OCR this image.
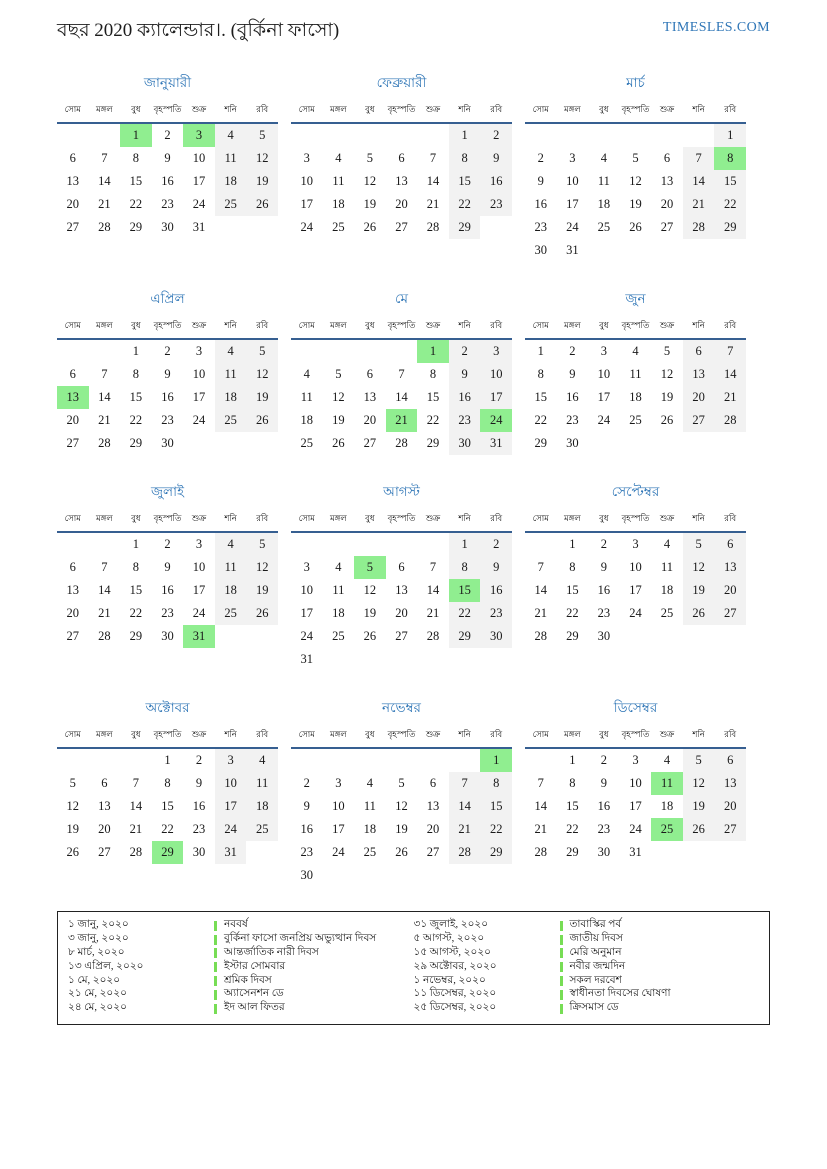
বছর 2020 ক্যালেন্ডার।. (বুর্কিনা ফাসো)	TIMESLES.COM
জানুয়ারী
সোম	মঙ্গল	বুধ	বৃহস্পতি	শুক্র	শনি	রবি
		1	2	3	4	5
6	7	8	9	10	11	12
13	14	15	16	17	18	19
20	21	22	23	24	25	26
27	28	29	30	31		
ফেব্রুয়ারী
সোম	মঙ্গল	বুধ	বৃহস্পতি	শুক্র	শনি	রবি
					1	2
3	4	5	6	7	8	9
10	11	12	13	14	15	16
17	18	19	20	21	22	23
24	25	26	27	28	29	
মার্চ
সোম	মঙ্গল	বুধ	বৃহস্পতি	শুক্র	শনি	রবি
						1
2	3	4	5	6	7	8
9	10	11	12	13	14	15
16	17	18	19	20	21	22
23	24	25	26	27	28	29
30	31					
এপ্রিল
সোম	মঙ্গল	বুধ	বৃহস্পতি	শুক্র	শনি	রবি
		1	2	3	4	5
6	7	8	9	10	11	12
13	14	15	16	17	18	19
20	21	22	23	24	25	26
27	28	29	30			
মে
সোম	মঙ্গল	বুধ	বৃহস্পতি	শুক্র	শনি	রবি
				1	2	3
4	5	6	7	8	9	10
11	12	13	14	15	16	17
18	19	20	21	22	23	24
25	26	27	28	29	30	31
জুন
সোম	মঙ্গল	বুধ	বৃহস্পতি	শুক্র	শনি	রবি
1	2	3	4	5	6	7
8	9	10	11	12	13	14
15	16	17	18	19	20	21
22	23	24	25	26	27	28
29	30					
জুলাই
সোম	মঙ্গল	বুধ	বৃহস্পতি	শুক্র	শনি	রবি
		1	2	3	4	5
6	7	8	9	10	11	12
13	14	15	16	17	18	19
20	21	22	23	24	25	26
27	28	29	30	31		
আগস্ট
সোম	মঙ্গল	বুধ	বৃহস্পতি	শুক্র	শনি	রবি
					1	2
3	4	5	6	7	8	9
10	11	12	13	14	15	16
17	18	19	20	21	22	23
24	25	26	27	28	29	30
31						
সেপ্টেম্বর
সোম	মঙ্গল	বুধ	বৃহস্পতি	শুক্র	শনি	রবি
	1	2	3	4	5	6
7	8	9	10	11	12	13
14	15	16	17	18	19	20
21	22	23	24	25	26	27
28	29	30				
অক্টোবর
সোম	মঙ্গল	বুধ	বৃহস্পতি	শুক্র	শনি	রবি
			1	2	3	4
5	6	7	8	9	10	11
12	13	14	15	16	17	18
19	20	21	22	23	24	25
26	27	28	29	30	31	
নভেম্বর
সোম	মঙ্গল	বুধ	বৃহস্পতি	শুক্র	শনি	রবি
						1
2	3	4	5	6	7	8
9	10	11	12	13	14	15
16	17	18	19	20	21	22
23	24	25	26	27	28	29
30						
ডিসেম্বর
সোম	মঙ্গল	বুধ	বৃহস্পতি	শুক্র	শনি	রবি
	1	2	3	4	5	6
7	8	9	10	11	12	13
14	15	16	17	18	19	20
21	22	23	24	25	26	27
28	29	30	31			
১ জানু, ২০২০	নববর্ষ
৩ জানু, ২০২০	বুর্কিনা ফাসো জনপ্রিয় অভ্যুত্থান দিবস
৮ মার্চ, ২০২০	আন্তর্জাতিক নারী দিবস
১৩ এপ্রিল, ২০২০	ইস্টার সোমবার
১ মে, ২০২০	শ্রমিক দিবস
২১ মে, ২০২০	অ্যাসেনশন ডে
২৪ মে, ২০২০	ইদ আল ফিতর
৩১ জুলাই, ২০২০	তাবাস্কির পর্ব
৫ আগস্ট, ২০২০	জাতীয় দিবস
১৫ আগস্ট, ২০২০	মেরি অনুমান
২৯ অক্টোবর, ২০২০	নবীর জন্মদিন
১ নভেম্বর, ২০২০	সকল দরবেশ
১১ ডিসেম্বর, ২০২০	স্বাধীনতা দিবসের ঘোষণা
২৫ ডিসেম্বর, ২০২০	ক্রিসমাস ডে
